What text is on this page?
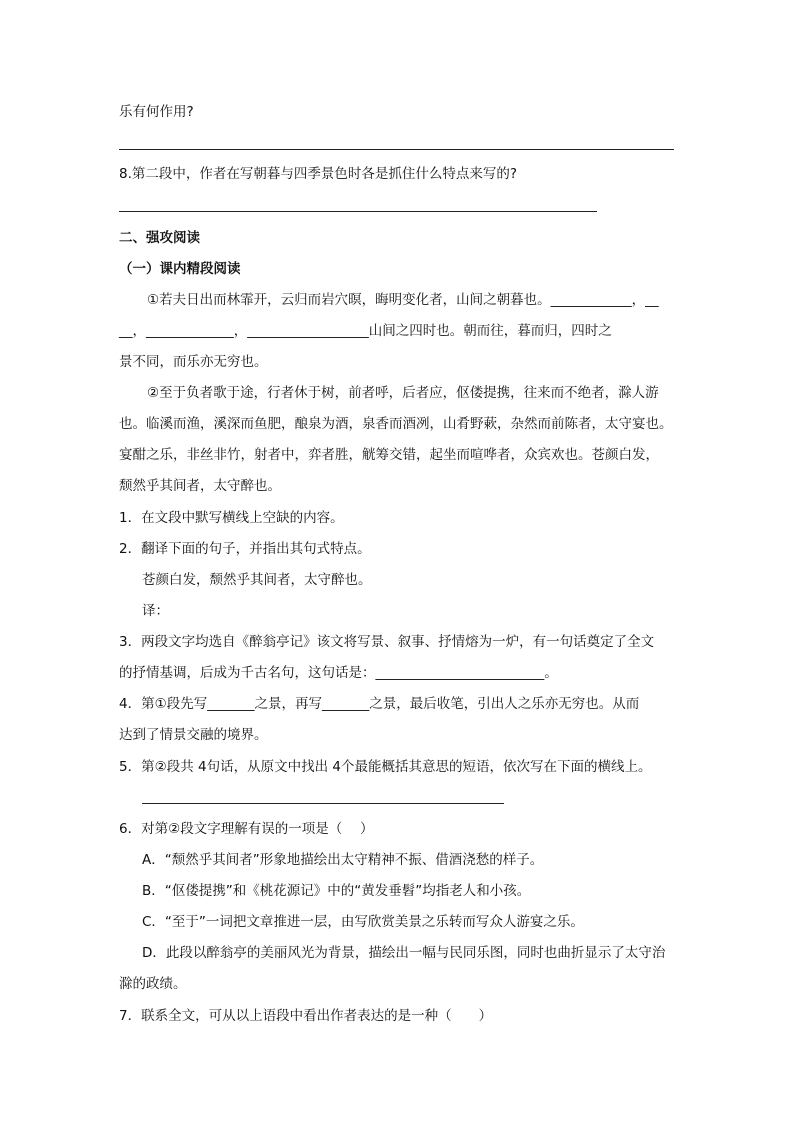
乐有何作用?
8.第二段中，作者在写朝暮与四季景色时各是抓住什么特点来写的?
二、强攻阅读
（一）课内精段阅读
①若夫日出而林霏开，云归而岩穴暝，晦明变化者，山间之朝暮也。____________，__
__，_____________，__________________山间之四时也。朝而往，暮而归，四时之
景不同，而乐亦无穷也。
②至于负者歌于途，行者休于树，前者呼，后者应，伛偻提携，往来而不绝者，滁人游
也。临溪而渔，溪深而鱼肥，酿泉为酒，泉香而酒冽，山肴野蔌，杂然而前陈者，太守宴也。
宴酣之乐，非丝非竹，射者中，弈者胜，觥筹交错，起坐而喧哗者，众宾欢也。苍颜白发，
颓然乎其间者，太守醉也。
1．在文段中默写横线上空缺的内容。
2．翻译下面的句子，并指出其句式特点。
苍颜白发，颓然乎其间者，太守醉也。
译：
3．两段文字均选自《醉翁亭记》该文将写景、叙事、抒情熔为一炉，有一句话奠定了全文
的抒情基调，后成为千古名句，这句话是：_________________________。
4．第①段先写_______之景，再写_______之景，最后收笔，引出人之乐亦无穷也。从而
达到了情景交融的境界。
5．第②段共 4句话，从原文中找出 4个最能概括其意思的短语，依次写在下面的横线上。
6．对第②段文字理解有误的一项是（　 ）
A．“颓然乎其间者”形象地描绘出太守精神不振、借酒浇愁的样子。
B．“伛偻提携”和《桃花源记》中的“黄发垂髫”均指老人和小孩。
C．“至于”一词把文章推进一层，由写欣赏美景之乐转而写众人游宴之乐。
D．此段以醉翁亭的美丽风光为背景，描绘出一幅与民同乐图，同时也曲折显示了太守治
滁的政绩。
7．联系全文，可从以上语段中看出作者表达的是一种（　　）
